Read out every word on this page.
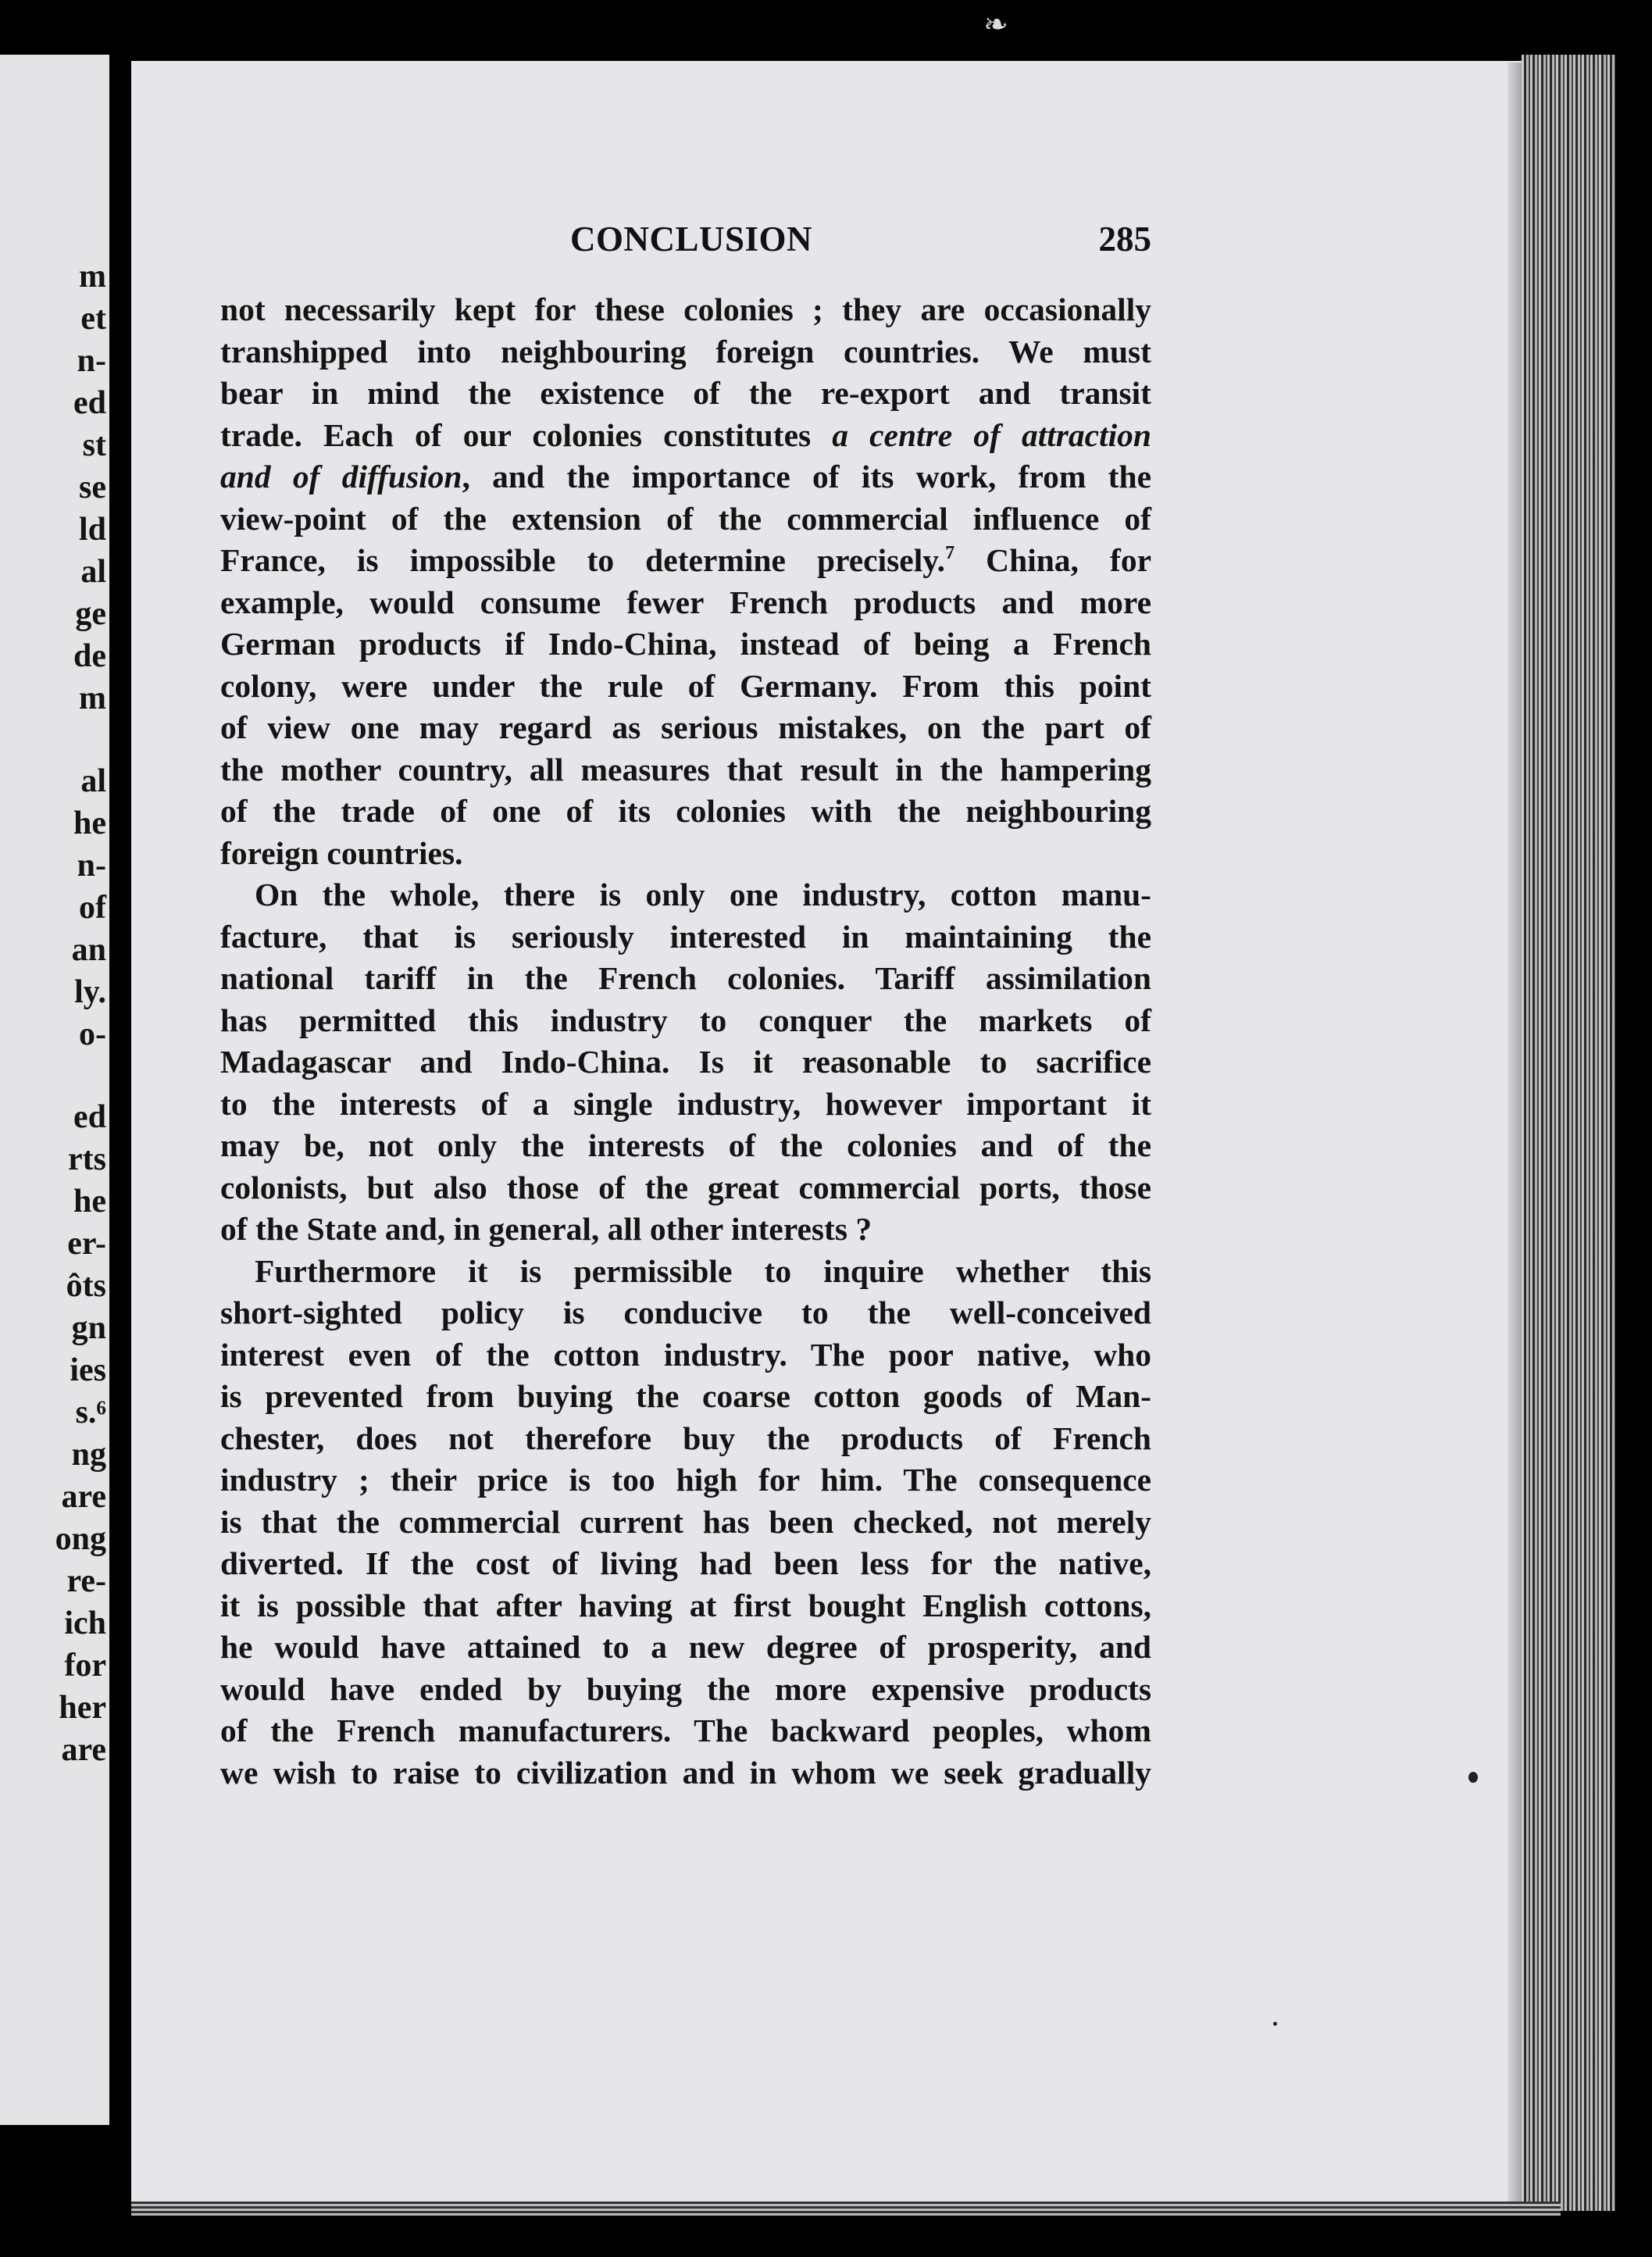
❧
m
et
n-
ed
st
se
ld
al
ge
de
m
al
he
n-
of
an
ly.
o-
ed
rts
he
er-
ôts
gn
ies
s.⁶
ng
are
ong
re-
ich
for
her
are
CONCLUSION	285
not necessarily kept for these colonies ; they are occasionally
transhipped into neighbouring foreign countries. We must
bear in mind the existence of the re-export and transit
trade. Each of our colonies constitutes a centre of attraction
and of diffusion, and the importance of its work, from the
view-point of the extension of the commercial influence of
France, is impossible to determine precisely.$^7$ China, for
example, would consume fewer French products and more
German products if Indo-China, instead of being a French
colony, were under the rule of Germany. From this point
of view one may regard as serious mistakes, on the part of
the mother country, all measures that result in the hampering
of the trade of one of its colonies with the neighbouring
foreign countries.
On the whole, there is only one industry, cotton manu-
facture, that is seriously interested in maintaining the
national tariff in the French colonies. Tariff assimilation
has permitted this industry to conquer the markets of
Madagascar and Indo-China. Is it reasonable to sacrifice
to the interests of a single industry, however important it
may be, not only the interests of the colonies and of the
colonists, but also those of the great commercial ports, those
of the State and, in general, all other interests ?
Furthermore it is permissible to inquire whether this
short-sighted policy is conducive to the well-conceived
interest even of the cotton industry. The poor native, who
is prevented from buying the coarse cotton goods of Man-
chester, does not therefore buy the products of French
industry ; their price is too high for him. The consequence
is that the commercial current has been checked, not merely
diverted. If the cost of living had been less for the native,
it is possible that after having at first bought English cottons,
he would have attained to a new degree of prosperity, and
would have ended by buying the more expensive products
of the French manufacturers. The backward peoples, whom
we wish to raise to civilization and in whom we seek gradually
